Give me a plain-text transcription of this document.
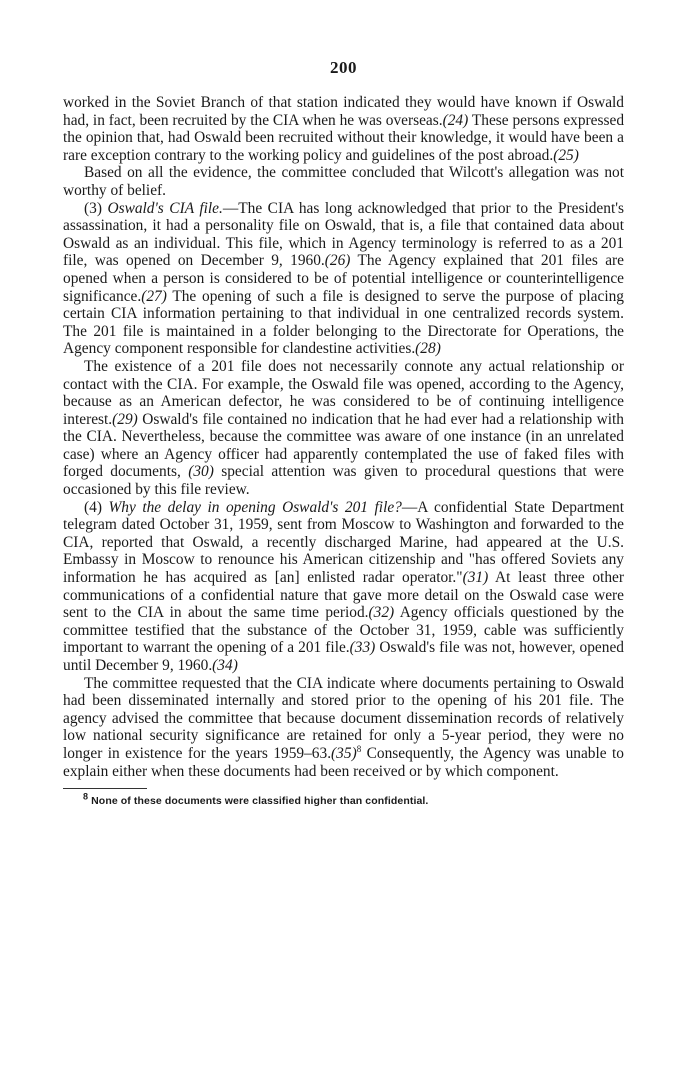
200

worked in the Soviet Branch of that station indicated they would have known if Oswald had, in fact, been recruited by the CIA when he was overseas.(24) These persons expressed the opinion that, had Oswald been recruited without their knowledge, it would have been a rare exception contrary to the working policy and guidelines of the post abroad.(25)

Based on all the evidence, the committee concluded that Wilcott's allegation was not worthy of belief.

(3) Oswald's CIA file.—The CIA has long acknowledged that prior to the President's assassination, it had a personality file on Oswald, that is, a file that contained data about Oswald as an individual. This file, which in Agency terminology is referred to as a 201 file, was opened on December 9, 1960.(26) The Agency explained that 201 files are opened when a person is considered to be of potential intelligence or counterintelligence significance.(27) The opening of such a file is designed to serve the purpose of placing certain CIA information pertaining to that individual in one centralized records system. The 201 file is maintained in a folder belonging to the Directorate for Operations, the Agency component responsible for clandestine activities.(28)

The existence of a 201 file does not necessarily connote any actual relationship or contact with the CIA. For example, the Oswald file was opened, according to the Agency, because as an American defector, he was considered to be of continuing intelligence interest.(29) Oswald's file contained no indication that he had ever had a relationship with the CIA. Nevertheless, because the committee was aware of one instance (in an unrelated case) where an Agency officer had apparently contemplated the use of faked files with forged documents, (30) special attention was given to procedural questions that were occasioned by this file review.

(4) Why the delay in opening Oswald's 201 file?—A confidential State Department telegram dated October 31, 1959, sent from Moscow to Washington and forwarded to the CIA, reported that Oswald, a recently discharged Marine, had appeared at the U.S. Embassy in Moscow to renounce his American citizenship and "has offered Soviets any information he has acquired as [an] enlisted radar operator."(31) At least three other communications of a confidential nature that gave more detail on the Oswald case were sent to the CIA in about the same time period.(32) Agency officials questioned by the committee testified that the substance of the October 31, 1959, cable was sufficiently important to warrant the opening of a 201 file.(33) Oswald's file was not, however, opened until December 9, 1960.(34)

The committee requested that the CIA indicate where documents pertaining to Oswald had been disseminated internally and stored prior to the opening of his 201 file. The agency advised the committee that because document dissemination records of relatively low national security significance are retained for only a 5-year period, they were no longer in existence for the years $1959-63.(35)^8$ Consequently, the Agency was unable to explain either when these documents had been received or by which component.

$^8$ None of these documents were classified higher than confidential.
